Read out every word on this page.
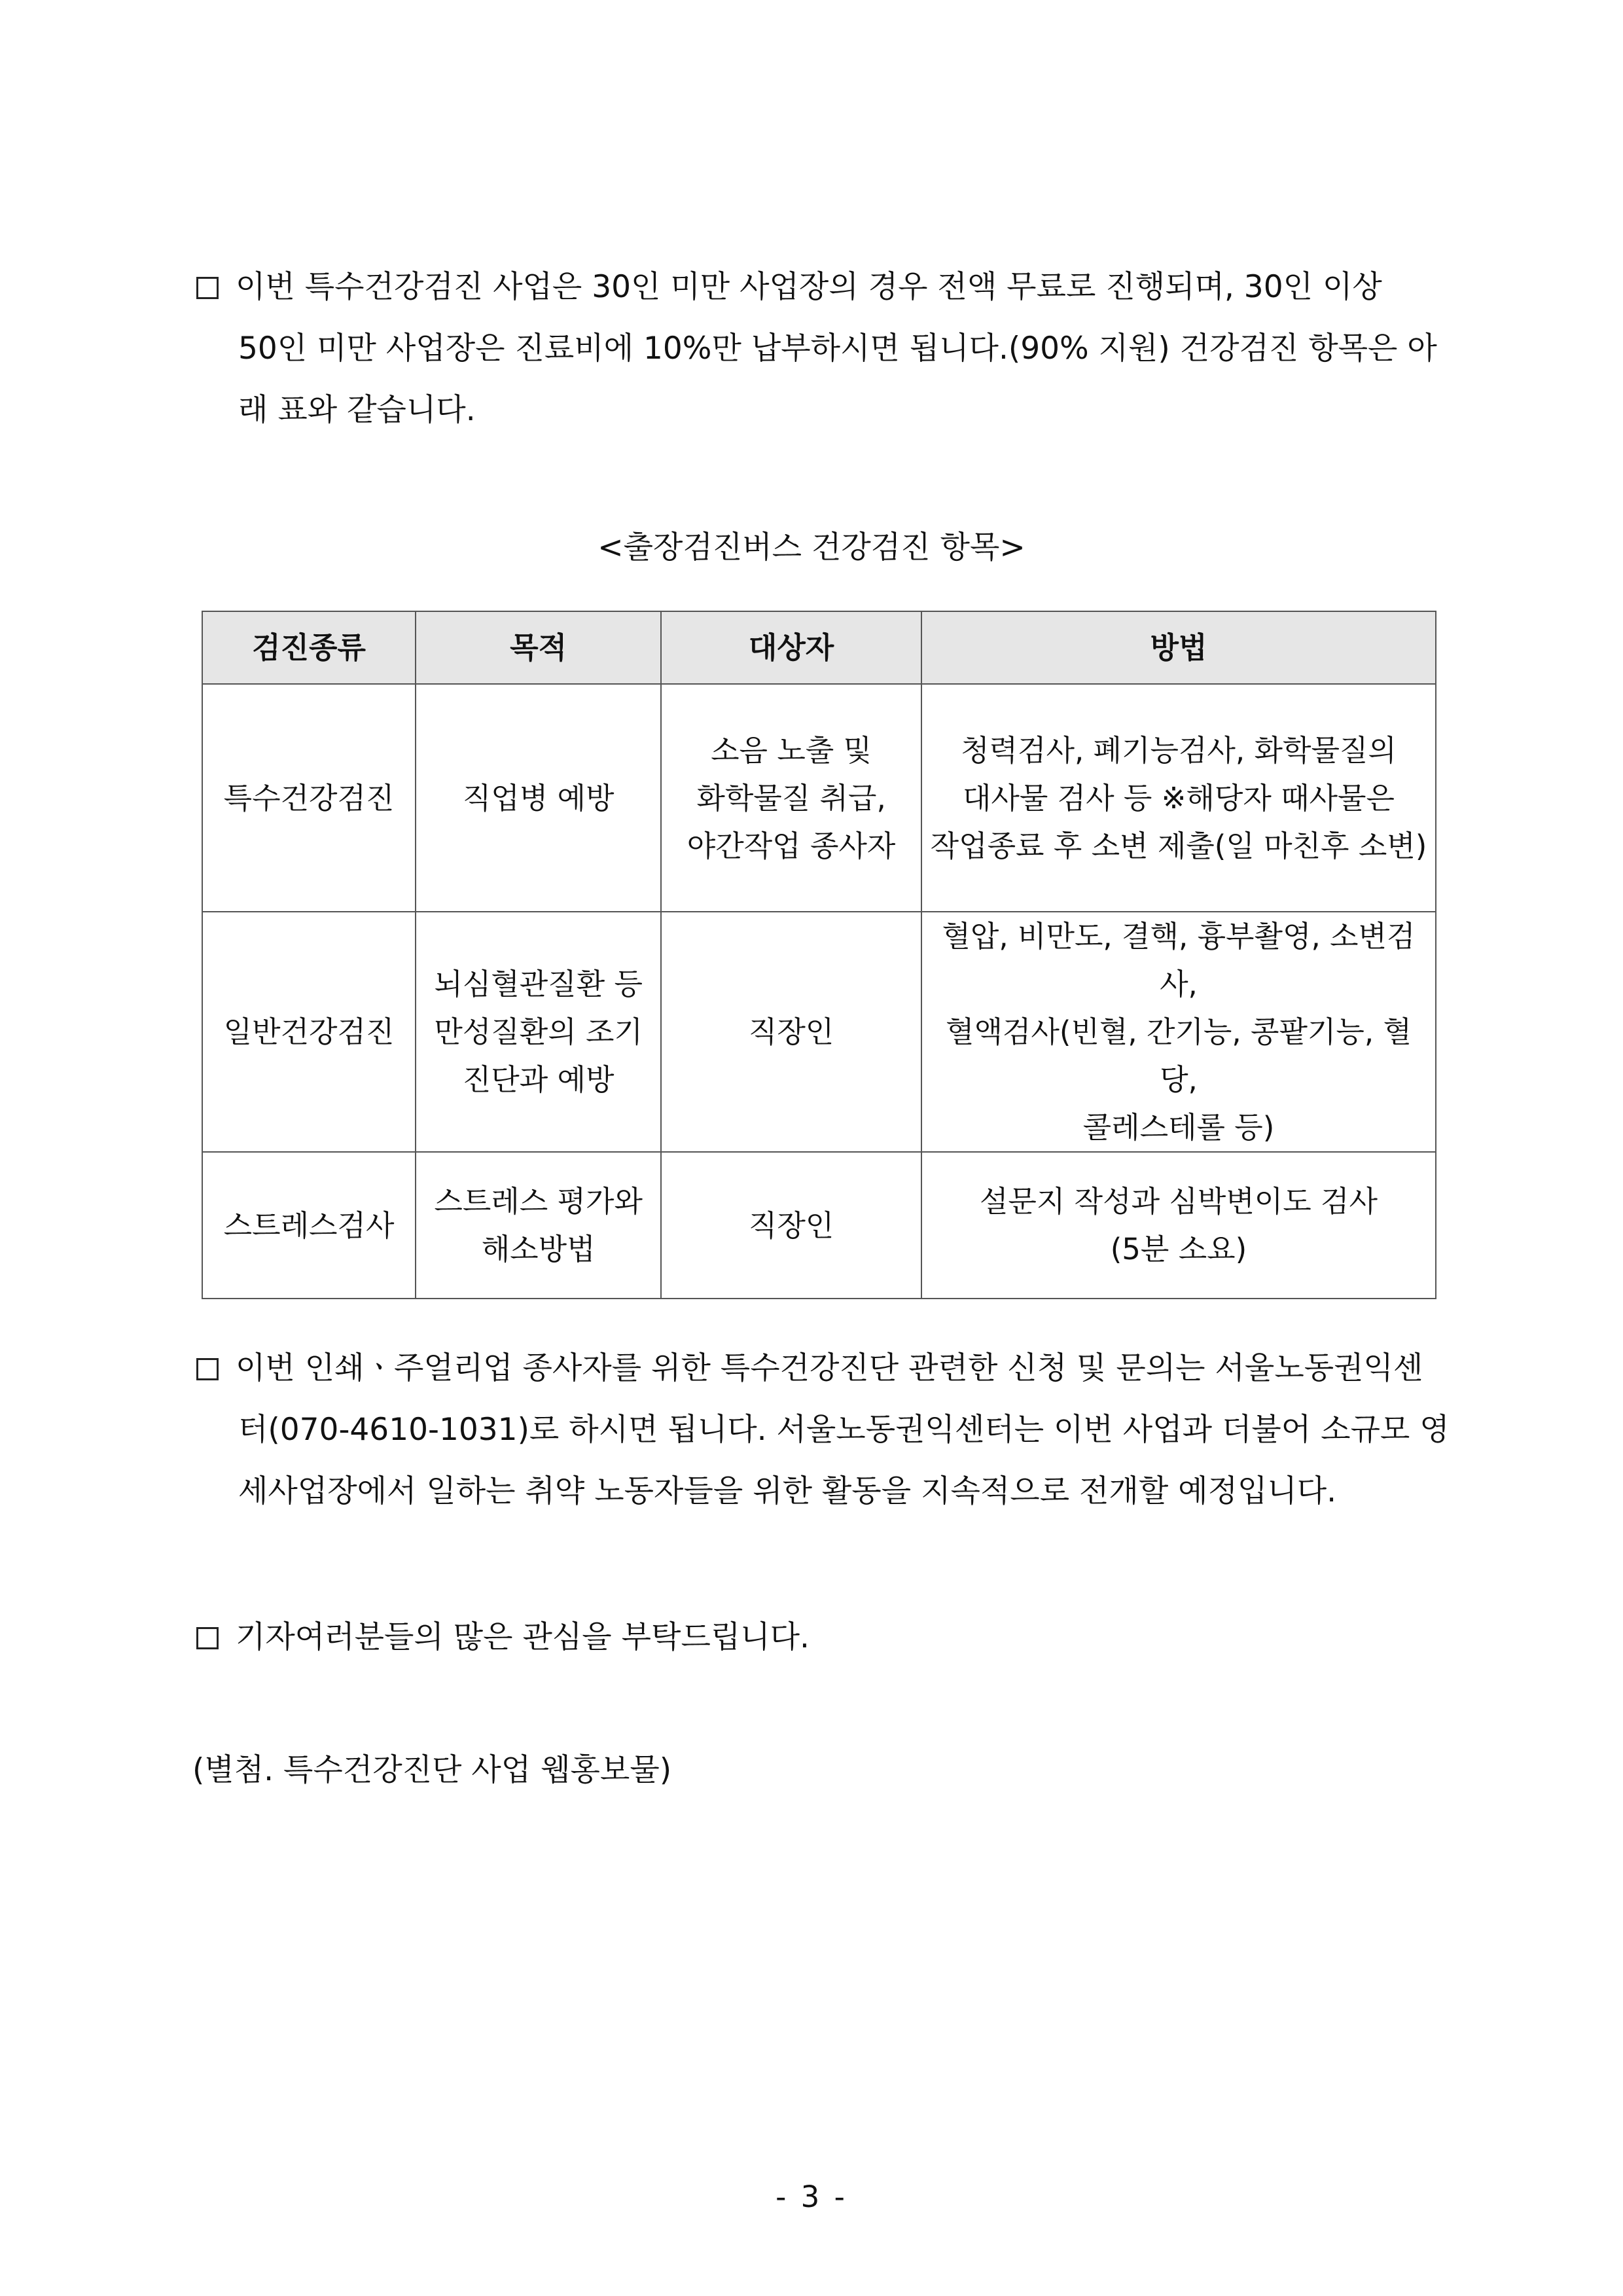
이번 특수건강검진 사업은 30인 미만 사업장의 경우 전액 무료로 진행되며, 30인 이상
50인 미만 사업장은 진료비에 10%만 납부하시면 됩니다.(90% 지원) 건강검진 항목은 아
래 표와 같습니다.
<출장검진버스 건강검진 항목>
검진종류	목적	대상자	방법
특수건강검진	직업병 예방	소음 노출 및
화학물질 취급,
야간작업 종사자	청력검사, 폐기능검사, 화학물질의
대사물 검사 등 ※해당자 때사물은
작업종료 후 소변 제출(일 마친후 소변)
일반건강검진	뇌심혈관질환 등
만성질환의 조기
진단과 예방	직장인	혈압, 비만도, 결핵, 흉부촬영, 소변검사,
혈액검사(빈혈, 간기능, 콩팥기능, 혈당,
콜레스테롤 등)
스트레스검사	스트레스 평가와
해소방법	직장인	설문지 작성과 심박변이도 검사
(5분 소요)
이번 인쇄ㆍ주얼리업 종사자를 위한 특수건강진단 관련한 신청 및 문의는 서울노동권익센
터(070-4610-1031)로 하시면 됩니다. 서울노동권익센터는 이번 사업과 더불어 소규모 영
세사업장에서 일하는 취약 노동자들을 위한 활동을 지속적으로 전개할 예정입니다.
기자여러분들의 많은 관심을 부탁드립니다.
(별첨. 특수건강진단 사업 웹홍보물)
- 3 -
